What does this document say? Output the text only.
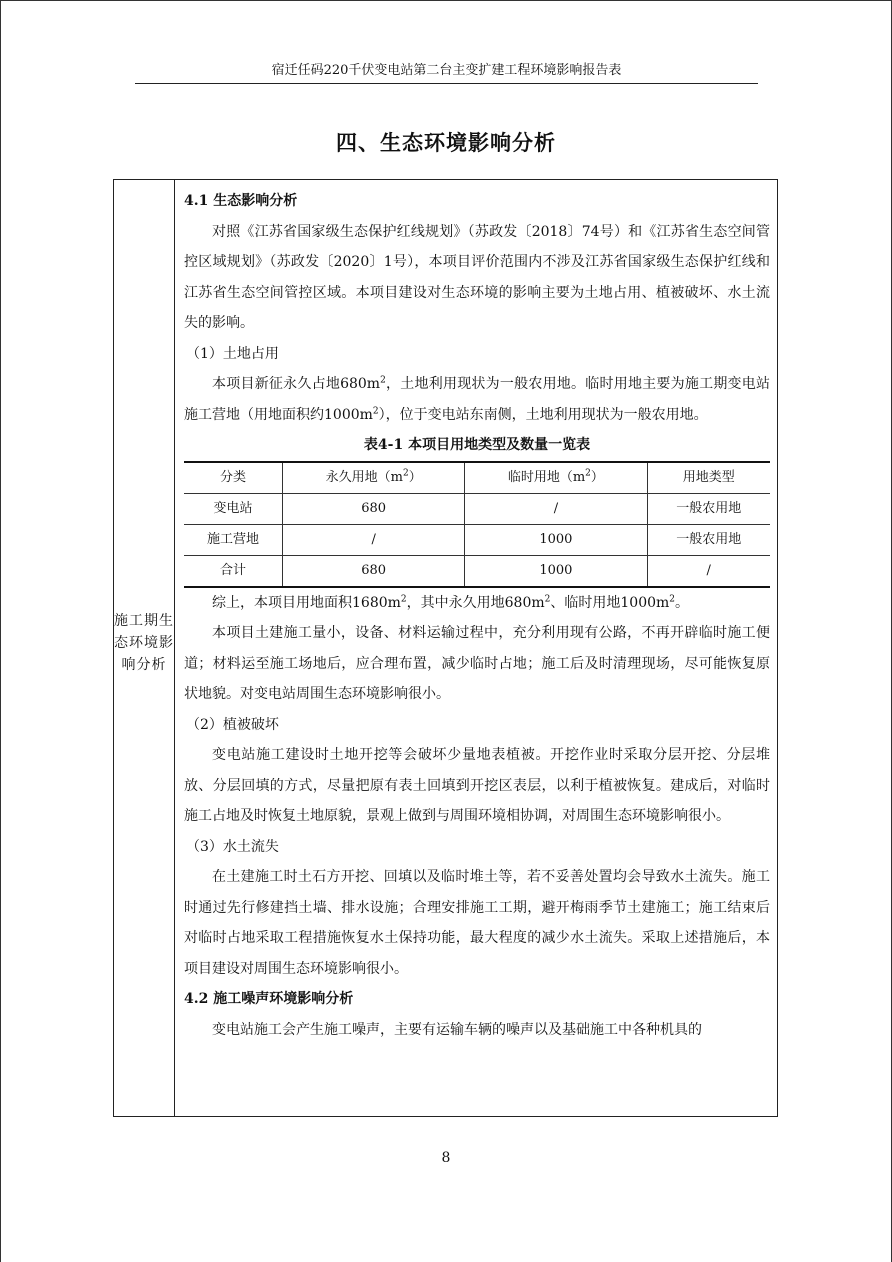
宿迁任码220千伏变电站第二台主变扩建工程环境影响报告表
四、生态环境影响分析
施工期生态环境影响分析

4.1 生态影响分析

对照《江苏省国家级生态保护红线规划》（苏政发〔2018〕74号）和《江苏省生态空间管控区域规划》（苏政发〔2020〕1号），本项目评价范围内不涉及江苏省国家级生态保护红线和江苏省生态空间管控区域。本项目建设对生态环境的影响主要为土地占用、植被破坏、水土流失的影响。

（1）土地占用

本项目新征永久占地$680m^2$，土地利用现状为一般农用地。临时用地主要为施工期变电站施工营地（用地面积约$1000m^2$），位于变电站东南侧，土地利用现状为一般农用地。

表4-1 本项目用地类型及数量一览表

分类	永久用地$(m^2)$	临时用地$(m^2)$	用地类型
变电站	680	/	一般农用地
施工营地	/	1000	一般农用地
合计	680	1000	/

综上，本项目用地面积$1680m^2$，其中永久用地$680m^2$、临时用地$1000m^2$。

本项目土建施工量小，设备、材料运输过程中，充分利用现有公路，不再开辟临时施工便道；材料运至施工场地后，应合理布置，减少临时占地；施工后及时清理现场，尽可能恢复原状地貌。对变电站周围生态环境影响很小。

（2）植被破坏

变电站施工建设时土地开挖等会破坏少量地表植被。开挖作业时采取分层开挖、分层堆放、分层回填的方式，尽量把原有表土回填到开挖区表层，以利于植被恢复。建成后，对临时施工占地及时恢复土地原貌，景观上做到与周围环境相协调，对周围生态环境影响很小。

（3）水土流失

在土建施工时土石方开挖、回填以及临时堆土等，若不妥善处置均会导致水土流失。施工时通过先行修建挡土墙、排水设施；合理安排施工工期，避开梅雨季节土建施工；施工结束后对临时占地采取工程措施恢复水土保持功能，最大程度的减少水土流失。采取上述措施后，本项目建设对周围生态环境影响很小。

4.2 施工噪声环境影响分析

变电站施工会产生施工噪声，主要有运输车辆的噪声以及基础施工中各种机具的

8
